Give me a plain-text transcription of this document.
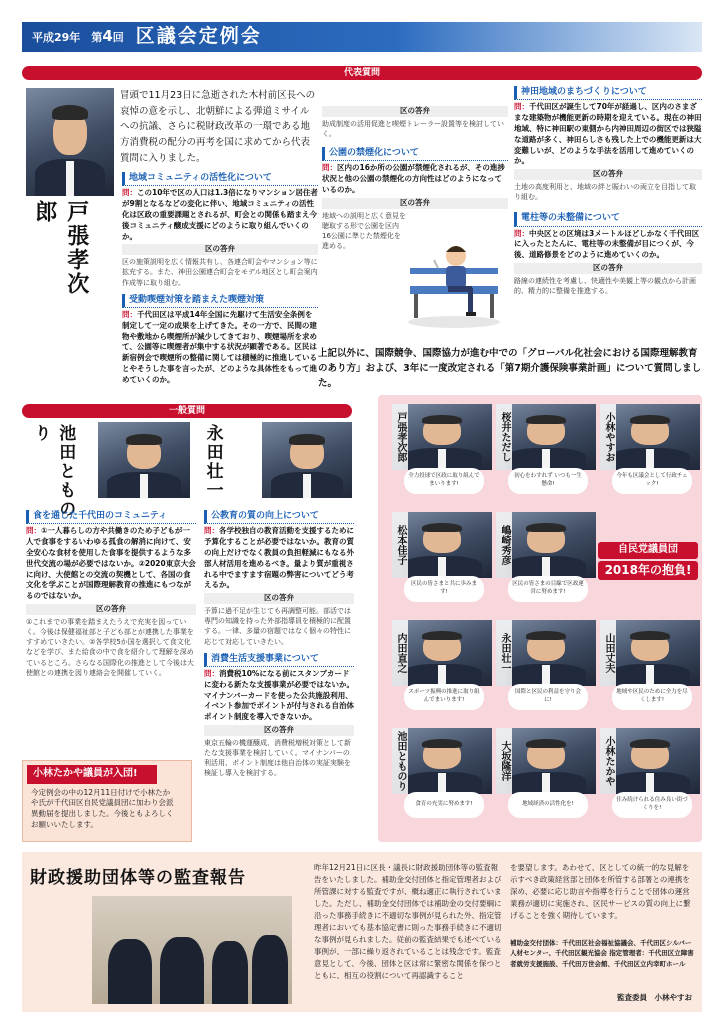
平成29年　 第4回 区議会定例会
代表質問
戸張孝次郎
冒頭で11月23日に急逝された木村前区長への哀悼の意を示し、北朝鮮による弾道ミサイルへの抗議、さらに税財政改革の一環である地方消費税の配分の再考を国に求めてから代表質問に入りました。
地域コミュニティの活性化について
問：この10年で区の人口は1.3倍になりマンション居住者が9割となるなどの変化に伴い、地域コミュニティの活性化は区政の重要課題とされるが、町会との関係も踏まえ今後コミュニティ醸成支援にどのように取り組んでいくのか。
区の答弁
区の施策説明を広く情報共有し、各連合町会やマンション等に拡充する。また、神田公園連合町会をモデル地区とし町会案内作成等に取り組む。
受動喫煙対策を踏まえた喫煙対策
問：千代田区は平成14年全国に先駆けて生活安全条例を制定して一定の成果を上げてきた。その一方で、民間の建物や敷地から喫煙所が減少してきており、喫煙場所を求めて、公園等に喫煙者が集中する状況が顕著である。区民は新宿例会で喫煙所の整備に関しては積極的に推進しているとやそうした事を言ったが、どのような具体性をもって進めていくのか。
区の答弁
助成制度の活用促進と喫煙トレーラー設置等を検討していく。
公園の禁煙化について
問：区内の16か所の公園が禁煙化されるが、その進捗状況と他の公園の禁煙化の方向性はどのようになっているのか。
区の答弁
地域への説明と広く意見を聴取する形で公園を区内16公園に準じた禁煙化を進める。
神田地域のまちづくりについて
問：千代田区が誕生して70年が経過し、区内のさまざまな建築物が機能更新の時期を迎えている。現在の神田地域、特に神田駅の東側から内神田周辺の街区では狭隘な道路が多く、神田らしさも残した上での機能更新は大変難しいが、どのような手法を活用して進めていくのか。
区の答弁
土地の高度利用と、地域の絆と賑わいの両立を目指して取り組む。
電柱等の未整備について
問：中央区との区境は3メートルほどしかなく千代田区に入ったとたんに、電柱等の未整備が目につくが、今後、道路修景をどのように進めていくのか。
区の答弁
路線の連続性を考慮し、快適性や美観上等の観点から計画的、精力的に整備を推進する。
上記以外に、国際競争、国際協力が進む中での「グローバル化社会における国際理解教育のあり方」および、3年に一度改定される「第7期介護保険事業計画」について質問しました。
一般質問
池田とものり	永田壮一
食を通じた千代田のコミュニティ
問：①一人暮らしの方や共働きのため子どもが一人で食事をするいわゆる孤食の解消に向けて、安全安心な食材を使用した食事を提供するような多世代交流の場が必要ではないか。②2020東京大会に向け、大使館との交流の契機として、各国の食文化を学ぶことが国際理解教育の推進にもつながるのではないか。
区の答弁
①これまでの事業を踏まえたうえで充実を図っていく。今後は保健福祉部と子ども部とが連携した事業をすすめていきたい。②各学校5か国を選択して食文化などを学び、また給食の中で食を紹介して理解を深めているところ。さらなる国際化の推進として今後は大使館との連携を図り連絡会を開催していく。
公教育の質の向上について
問：各学校独自の教育活動を支援するために予算化することが必要ではないか。教育の質の向上だけでなく教員の負担軽減にもなる外部人材活用を進めるべき。量より質が重視される中でますます宿題の弊害についてどう考えるか。
区の答弁
予算に過不足が生じても再調整可能。部活では専門の知識を持った外部指導員を積極的に配置する。一律、多量の宿題ではなく個々の特性に応じて対応していきたい。
消費生活支援事業について
問：消費税10%になる前にスタンプカードに変わる新たな支援事業が必要ではないか。マイナンバーカードを使った公共施設利用、イベント参加でポイントが付与される自治体ポイント制度を導入できないか。
区の答弁
東京五輪の機運醸成、消費税増税対策として新たな支援事業を検討していく。マイナンバーの利活用、ポイント制度は他自治体の実証実験を検証し導入を検討する。
小林たかや議員が入団!
今定例会の中の12月11日付けで小林たかや氏が千代田区自民党議員団に加わり会派異動届を提出しました。今後ともよろしくお願いいたします。
戸張孝次郎
全力投球で区政に取り組んでまいります!
桜井ただし
初心をわすれず いつも一生懸命!
小林やすお
今年も区議会として行政チェック!
松本佳子
区民の皆さまと共に歩みます!
嶋崎秀彦
区民の皆さまの目線で区政運営に努めます!
自民党議員団
2018年の抱負!
内田直之
スポーツ振興の推進に取り組んでまいります!
永田壮一
国際と区民の利益を守り会に!
山田丈夫
地域や区民のために全力を尽くします!
池田とものり
食育の充実に努めます!
大坂隆洋
地域経済の活性化を!
小林たかや
住み続けられる住み良い街づくりを!
財政援助団体等の監査報告
昨年12月21日に区長・議長に財政援助団体等の監査報告をいたしました。補助金交付団体と指定管理者および所管課に対する監査ですが、概ね適正に執行されていました。ただし、補助金交付団体では補助金の交付要綱に沿った事務手続きに不適切な事例が見られた外、指定管理者においても基本協定書に則った事務手続きに不適切な事例が見られました。従前の監査結果でも述べている事例が、一部に繰り返されていることは残念です。監査意見として、今後、団体と区は常に緊密な関係を保つとともに、相互の役割について再認識すること
を要望します。あわせて、区としての統一的な見解を示すべき政策経営部と団体を所管する部署との連携を深め、必要に応じ助言や指導を行うことで団体の運営業務が適切に実施され、区民サービスの質の向上に繋げることを強く期待しています。
補助金交付団体：千代田区社会福祉協議会、千代田区シルバー人材センター、千代田区観光協会 指定管理者：千代田区立障害者就労支援施設、千代田万世会館、千代田区立内幸町ホール
監査委員　小林やすお
